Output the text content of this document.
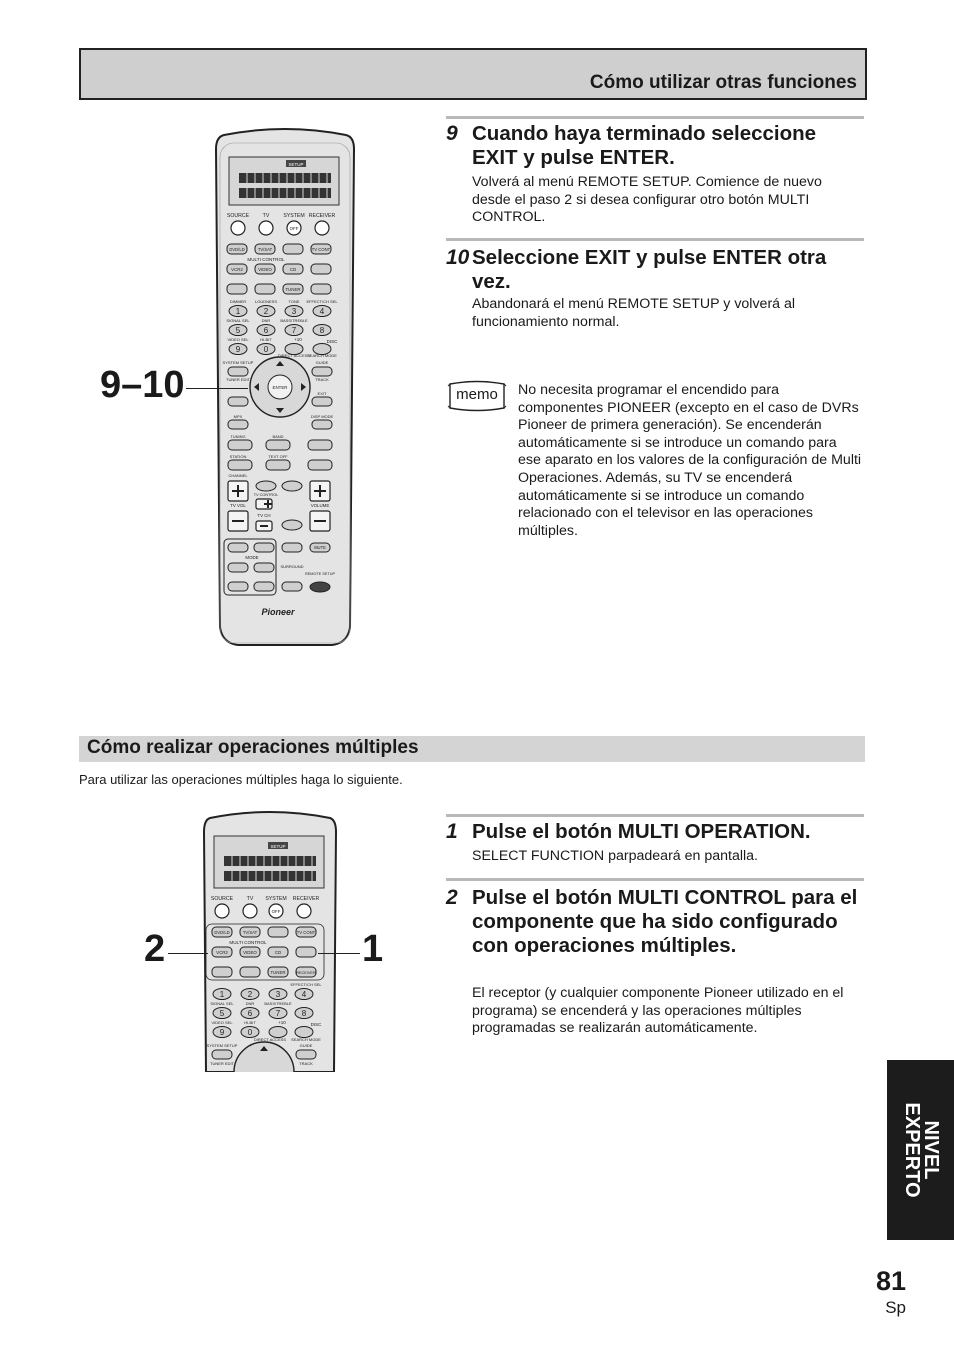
Cómo utilizar otras funciones
SETUP
SOURCE	TV	SYSTEM RECEIVER
OFF
DVD/LD	TV/SAT	TV CONT
MULTI CONTROL
VCR2	VIDEO	CD
TUNER
DIMMER LOUDNESS	TONE EFFECT/CH SEL
1	2	3	4
SIGNAL SEL	DNR BASS/TREBLE
5	6	7	8
VIDEO SEL	HI-BIT	+10	DISC
9	0
DIRECT ACCESS
SEARCH MODE
GUIDE
SYSTEM SETUP
TUNER EDIT	TRACK
EXIT
ENTER
MPX	DISP MODE
TUNING	BAND
STATION	TEXT OFF
CHANNEL
TV VOL
TV CONTROL
TV CH
VOLUME
MODE
SURROUND
REMOTE SETUP
MUTE
Pioneer
9–10
9 Cuando haya terminado seleccione EXIT y pulse ENTER.
Volverá al menú REMOTE SETUP. Comience de nuevo desde el paso 2 si desea configurar otro botón MULTI CONTROL.
10 Seleccione EXIT y pulse ENTER otra vez.
Abandonará el menú REMOTE SETUP y volverá al funcionamiento normal.
memo	No necesita programar el encendido para componentes PIONEER (excepto en el caso de DVRs Pioneer de primera generación). Se encenderán automáticamente si se introduce un comando para ese aparato en los valores de la configuración de Multi Operaciones. Además, su TV se encenderá automáticamente si se introduce un comando relacionado con el televisor en las operaciones múltiples.
Cómo realizar operaciones múltiples
Para utilizar las operaciones múltiples haga lo siguiente.
SETUP
SOURCE	TV SYSTEM RECEIVER
OFF
DVD/LD	TV/SAT	TV CONT
MULTI CONTROL
VCR2	VIDEO	CD
TUNER	RECEIVER
EFFECT/CH SEL
1	2	3	4
SIGNAL SEL	DNR BASS/TREBLE
5	6	7	8
VIDEO SEL	HI-BIT	+10	DISC
9	0
DIRECT ACCESS SEARCH MODE
GUIDE
SYSTEM SETUP
TUNER EDIT	TRACK
2	1
1 Pulse el botón MULTI OPERATION.
SELECT FUNCTION parpadeará en pantalla.
2 Pulse el botón MULTI CONTROL para el componente que ha sido configurado con operaciones múltiples.
El receptor (y cualquier componente Pioneer utilizado en el programa) se encenderá y las operaciones múltiples programadas se realizarán automáticamente.
NIVEL
EXPERTO
81
Sp
